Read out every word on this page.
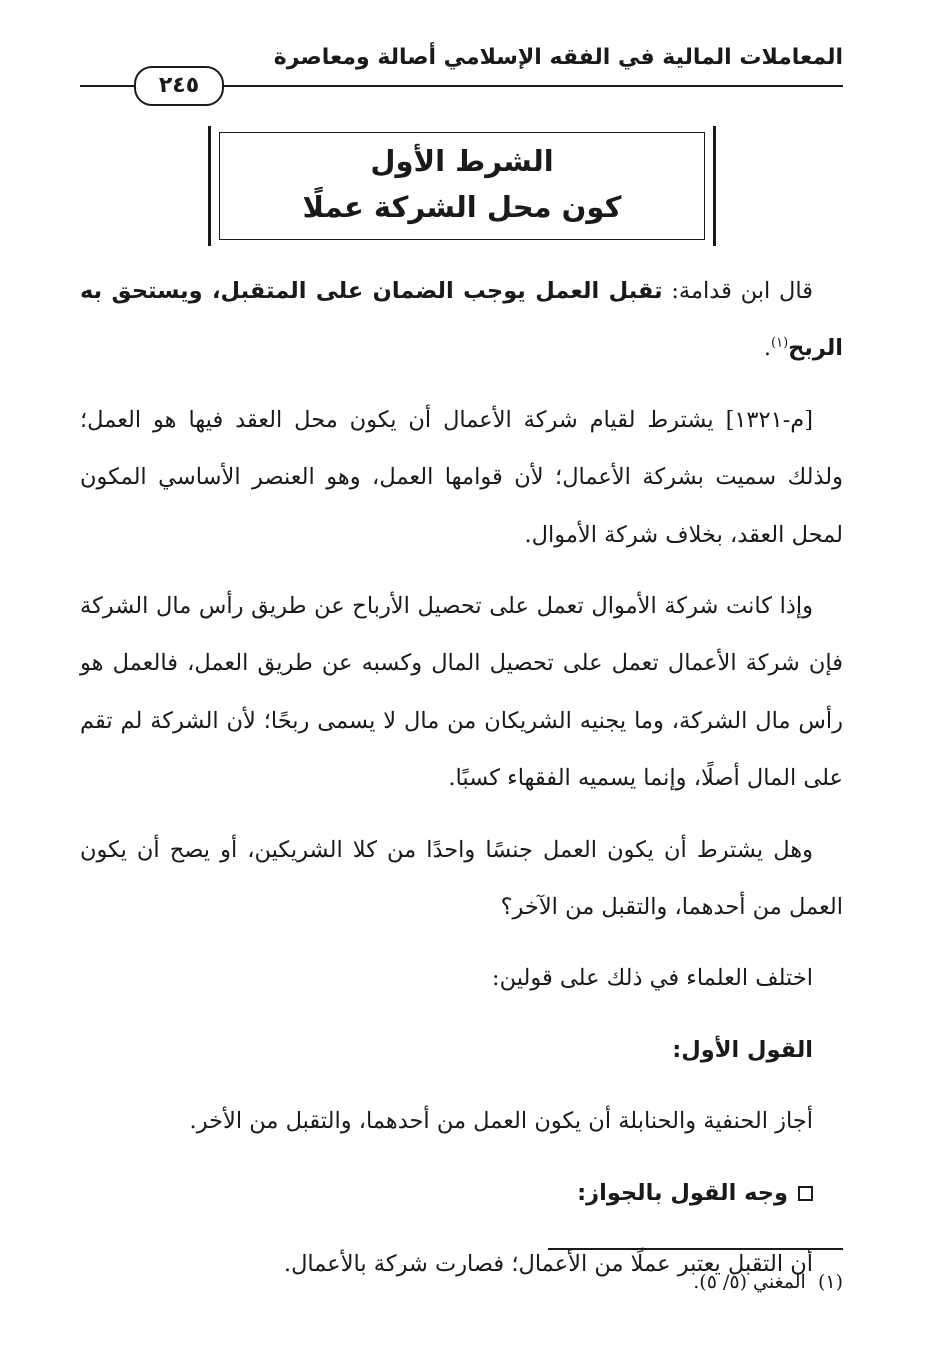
المعاملات المالية في الفقه الإسلامي أصالة ومعاصرة
٢٤٥
الشرط الأول
كون محل الشركة عملًا

قال ابن قدامة: تقبل العمل يوجب الضمان على المتقبل، ويستحق به الربح$^{(١)}$.

[م-١٣٢١] يشترط لقيام شركة الأعمال أن يكون محل العقد فيها هو العمل؛ ولذلك سميت بشركة الأعمال؛ لأن قوامها العمل، وهو العنصر الأساسي المكون لمحل العقد، بخلاف شركة الأموال.

وإذا كانت شركة الأموال تعمل على تحصيل الأرباح عن طريق رأس مال الشركة فإن شركة الأعمال تعمل على تحصيل المال وكسبه عن طريق العمل، فالعمل هو رأس مال الشركة، وما يجنيه الشريكان من مال لا يسمى ربحًا؛ لأن الشركة لم تقم على المال أصلًا، وإنما يسميه الفقهاء كسبًا.

وهل يشترط أن يكون العمل جنسًا واحدًا من كلا الشريكين، أو يصح أن يكون العمل من أحدهما، والتقبل من الآخر؟

اختلف العلماء في ذلك على قولين:

القول الأول:

أجاز الحنفية والحنابلة أن يكون العمل من أحدهما، والتقبل من الأخر.

وجه القول بالجواز:

أن التقبل يعتبر عملًا من الأعمال؛ فصارت شركة بالأعمال.

(١)  المغني (٥/ ٥).
